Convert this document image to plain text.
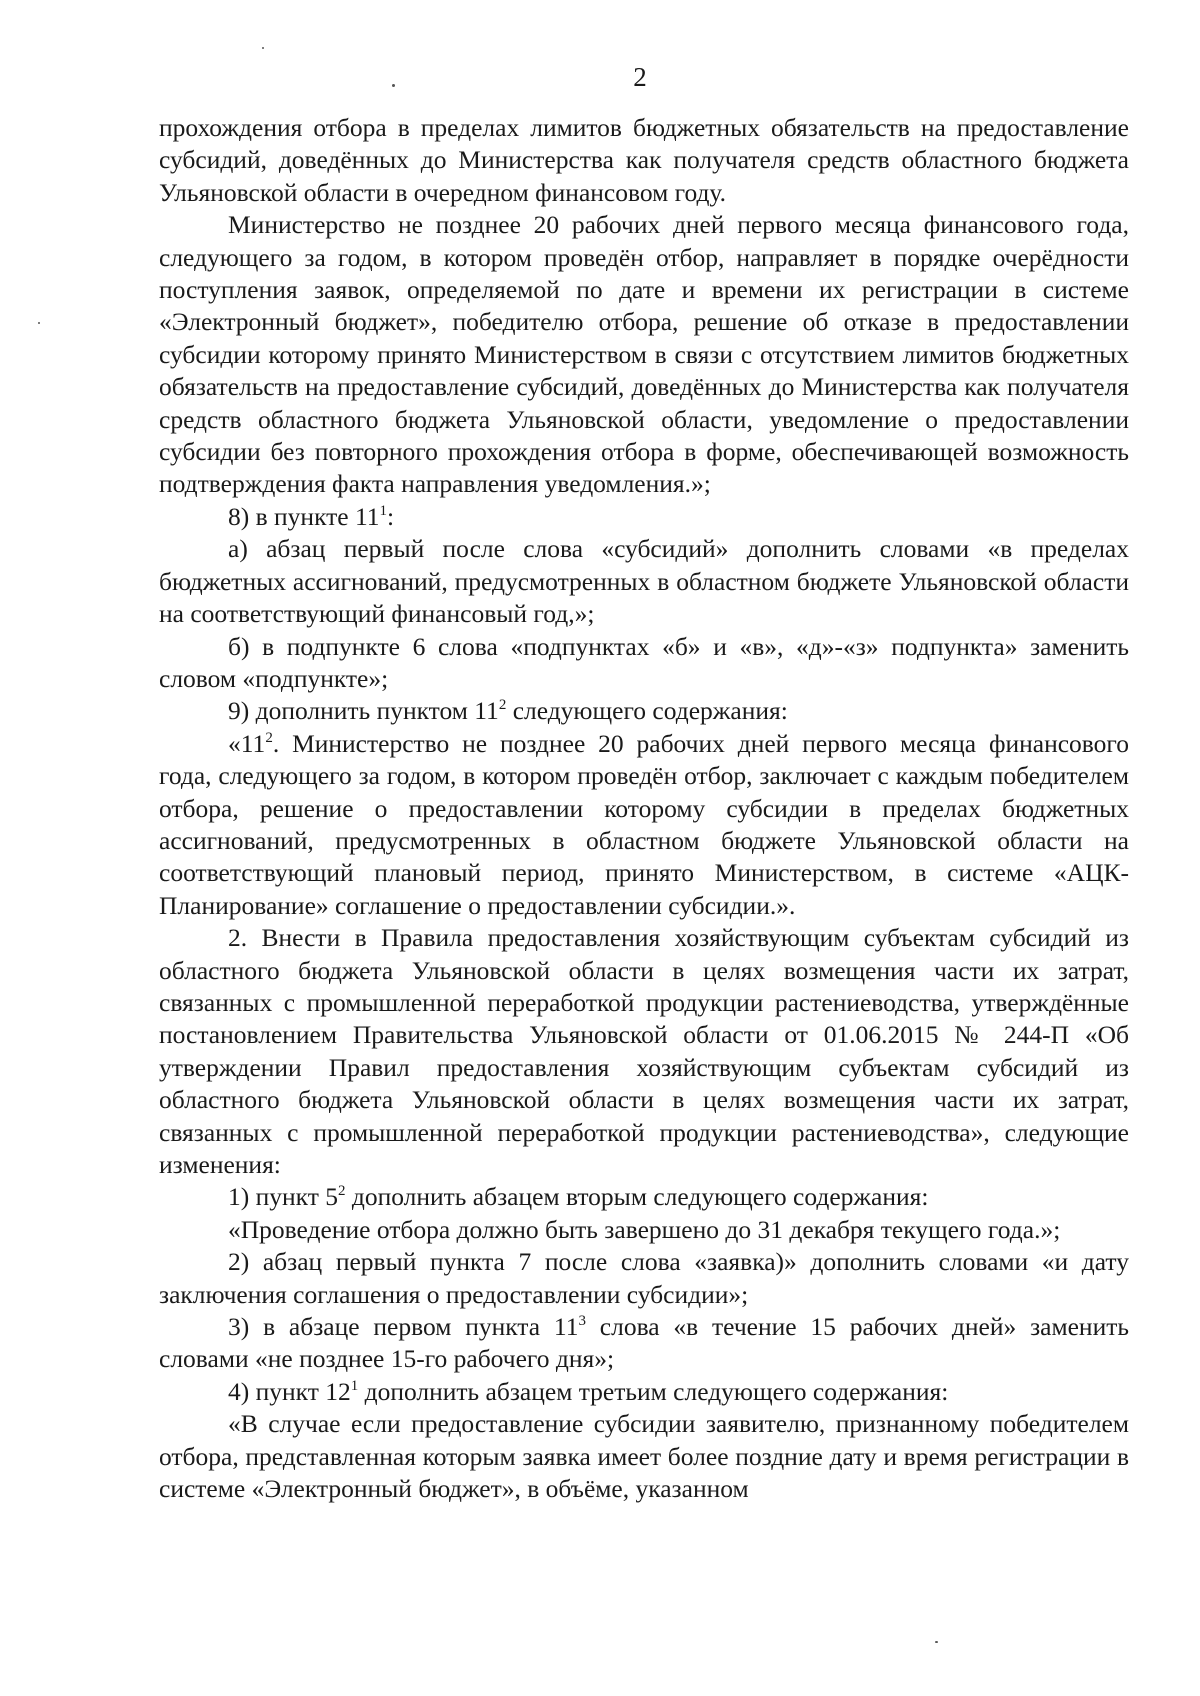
2

прохождения отбора в пределах лимитов бюджетных обязательств на предоставление субсидий, доведённых до Министерства как получателя средств областного бюджета Ульяновской области в очередном финансовом году.

Министерство не позднее 20 рабочих дней первого месяца финансового года, следующего за годом, в котором проведён отбор, направляет в порядке очерёдности поступления заявок, определяемой по дате и времени их регистрации в системе «Электронный бюджет», победителю отбора, решение об отказе в предоставлении субсидии которому принято Министерством в связи с отсутствием лимитов бюджетных обязательств на предоставление субсидий, доведённых до Министерства как получателя средств областного бюджета Ульяновской области, уведомление о предоставлении субсидии без повторного прохождения отбора в форме, обеспечивающей возможность подтверждения факта направления уведомления.»;

8) в пункте $11^1$:

а) абзац первый после слова «субсидий» дополнить словами «в пределах бюджетных ассигнований, предусмотренных в областном бюджете Ульяновской области на соответствующий финансовый год,»;

б) в подпункте 6 слова «подпунктах «б» и «в», «д»-«з» подпункта» заменить словом «подпункте»;

9) дополнить пунктом $11^2$ следующего содержания:

«$11^2$. Министерство не позднее 20 рабочих дней первого месяца финансового года, следующего за годом, в котором проведён отбор, заключает с каждым победителем отбора, решение о предоставлении которому субсидии в пределах бюджетных ассигнований, предусмотренных в областном бюджете Ульяновской области на соответствующий плановый период, принято Министерством, в системе «АЦК-Планирование» соглашение о предоставлении субсидии.».

2. Внести в Правила предоставления хозяйствующим субъектам субсидий из областного бюджета Ульяновской области в целях возмещения части их затрат, связанных с промышленной переработкой продукции растениеводства, утверждённые постановлением Правительства Ульяновской области от 01.06.2015 № 244-П «Об утверждении Правил предоставления хозяйствующим субъектам субсидий из областного бюджета Ульяновской области в целях возмещения части их затрат, связанных с промышленной переработкой продукции растениеводства», следующие изменения:

1) пункт $5^2$ дополнить абзацем вторым следующего содержания:

«Проведение отбора должно быть завершено до 31 декабря текущего года.»;

2) абзац первый пункта 7 после слова «заявка)» дополнить словами «и дату заключения соглашения о предоставлении субсидии»;

3) в абзаце первом пункта $11^3$ слова «в течение 15 рабочих дней» заменить словами «не позднее 15-го рабочего дня»;

4) пункт $12^1$ дополнить абзацем третьим следующего содержания:

«В случае если предоставление субсидии заявителю, признанному победителем отбора, представленная которым заявка имеет более поздние дату и время регистрации в системе «Электронный бюджет», в объёме, указанном
